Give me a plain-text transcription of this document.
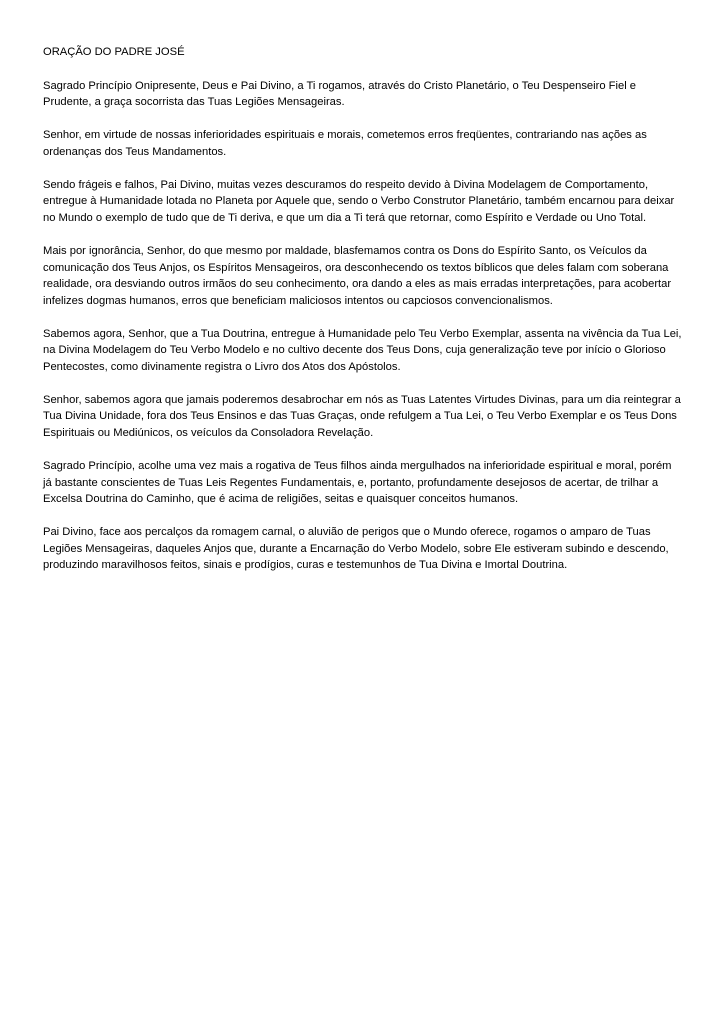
ORAÇÃO DO PADRE JOSÉ

Sagrado Princípio Onipresente, Deus e Pai Divino, a Ti rogamos, através do Cristo Planetário, o Teu Despenseiro Fiel e Prudente, a graça socorrista das Tuas Legiões Mensageiras.

Senhor, em virtude de nossas inferioridades espirituais e morais, cometemos erros freqüentes, contrariando nas ações as ordenanças dos Teus Mandamentos.

Sendo frágeis e falhos, Pai Divino, muitas vezes descuramos do respeito devido à Divina Modelagem de Comportamento, entregue à Humanidade lotada no Planeta por Aquele que, sendo o Verbo Construtor Planetário, também encarnou para deixar no Mundo o exemplo de tudo que de Ti deriva, e que um dia a Ti terá que retornar, como Espírito e Verdade ou Uno Total.

Mais por ignorância, Senhor, do que mesmo por maldade, blasfemamos contra os Dons do Espírito Santo, os Veículos da comunicação dos Teus Anjos, os Espíritos Mensageiros, ora desconhecendo os textos bíblicos que deles falam com soberana realidade, ora desviando outros irmãos do seu conhecimento, ora dando a eles as mais erradas interpretações, para acobertar infelizes dogmas humanos, erros que beneficiam maliciosos intentos ou capciosos convencionalismos.

Sabemos agora, Senhor, que a Tua Doutrina, entregue à Humanidade pelo Teu Verbo Exemplar, assenta na vivência da Tua Lei, na Divina Modelagem do Teu Verbo Modelo e no cultivo decente dos Teus Dons, cuja generalização teve por início o Glorioso Pentecostes, como divinamente registra o Livro dos Atos dos Apóstolos.

Senhor, sabemos agora que jamais poderemos desabrochar em nós as Tuas Latentes Virtudes Divinas, para um dia reintegrar a Tua Divina Unidade, fora dos Teus Ensinos e das Tuas Graças, onde refulgem a Tua Lei, o Teu Verbo Exemplar e os Teus Dons Espirituais ou Mediúnicos, os veículos da Consoladora Revelação.

Sagrado Princípio, acolhe uma vez mais a rogativa de Teus filhos ainda mergulhados na inferioridade espiritual e moral, porém já bastante conscientes de Tuas Leis Regentes Fundamentais, e, portanto, profundamente desejosos de acertar, de trilhar a Excelsa Doutrina do Caminho, que é acima de religiões, seitas e quaisquer conceitos humanos.

Pai Divino, face aos percalços da romagem carnal, o aluvião de perigos que o Mundo oferece, rogamos o amparo de Tuas Legiões Mensageiras, daqueles Anjos que, durante a Encarnação do Verbo Modelo, sobre Ele estiveram subindo e descendo, produzindo maravilhosos feitos, sinais e prodígios, curas e testemunhos de Tua Divina e Imortal Doutrina.
